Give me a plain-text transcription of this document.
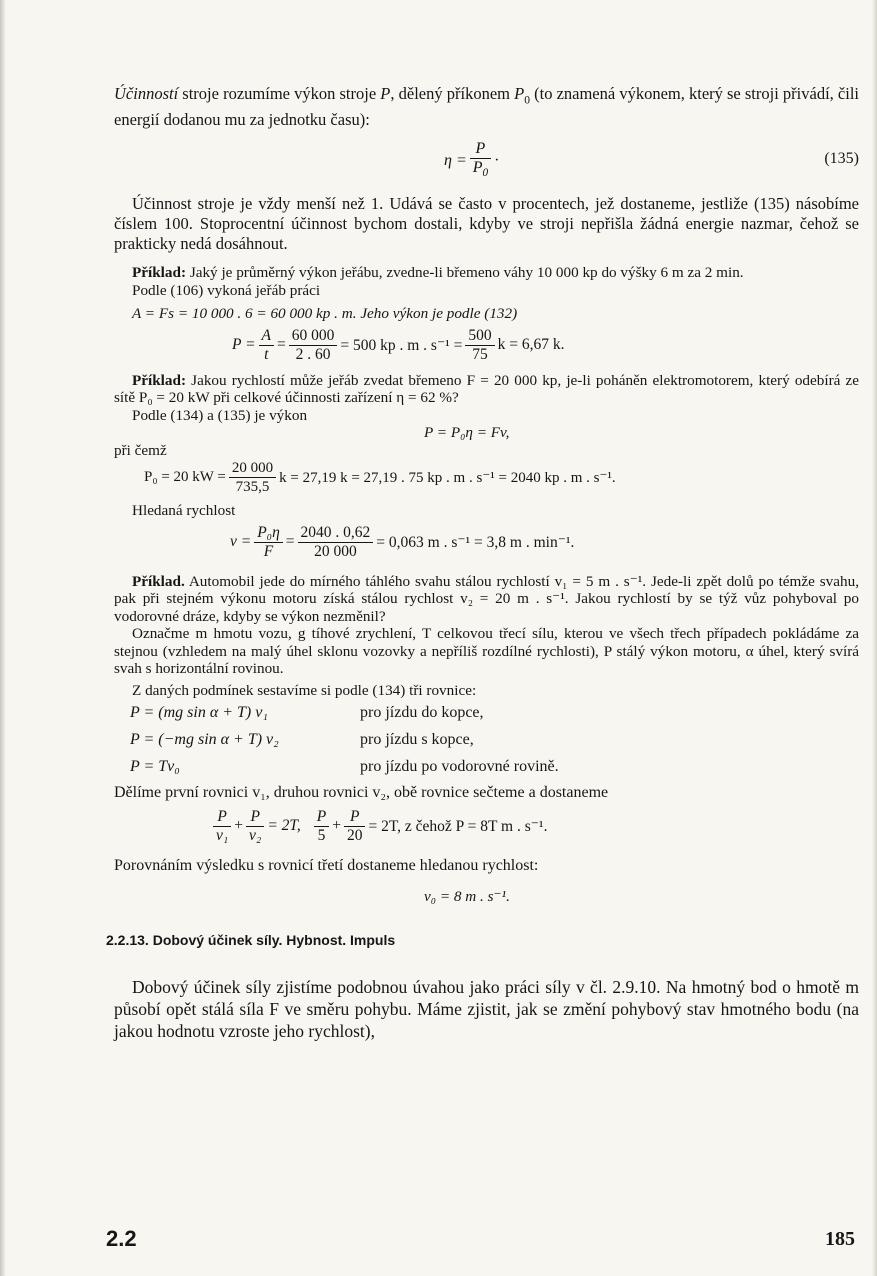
Účinností stroje rozumíme výkon stroje P, dělený příkonem $P_0$ (to znamená výkonem, který se stroji přivádí, čili energií dodanou mu za jednotku času):

$\eta = \frac{P}{P_0}$ ·	(135)

Účinnost stroje je vždy menší než 1. Udává se často v procentech, jež dostaneme, jestliže (135) násobíme číslem 100. Stoprocentní účinnost bychom dostali, kdyby ve stroji nepřišla žádná energie nazmar, čehož se prakticky nedá dosáhnout.

Příklad: Jaký je průměrný výkon jeřábu, zvedne-li břemeno váhy 10 000 kp do výšky 6 m za 2 min.

Podle (106) vykoná jeřáb práci

A = Fs = 10 000 . 6 = 60 000 kp . m. Jeho výkon je podle (132)

$P = \frac{A}{t} = \frac{60 000}{2 . 60} = 500$ kp . m . $s^{-1} = \frac{500}{75}$ k = 6,67 k.

Příklad: Jakou rychlostí může jeřáb zvedat břemeno F = 20 000 kp, je-li poháněn elektromotorem, který odebírá ze sítě P₀ = 20 kW při celkové účinnosti zařízení η = 62 %?

Podle (134) a (135) je výkon

P = P₀η = Fv,

při čemž

P₀ = 20 kW = $\frac{20 000}{735,5}$ k = 27,19 k = 27,19 . 75 kp . m . s⁻¹ = 2040 kp . m . s⁻¹.

Hledaná rychlost

$v = \frac{\text{P₀η}}{F} = \frac{2040 . 0,62}{20 000} = 0,063$ m . s⁻¹ = 3,8 m . min⁻¹.

Příklad. Automobil jede do mírného táhlého svahu stálou rychlostí v₁ = 5 m . s⁻¹. Jede-li zpět dolů po témže svahu, pak při stejném výkonu motoru získá stálou rychlost v₂ = 20 m . s⁻¹. Jakou rychlostí by se týž vůz pohyboval po vodorovné dráze, kdyby se výkon nezměnil?

Označme m hmotu vozu, g tíhové zrychlení, T celkovou třecí sílu, kterou ve všech třech případech pokládáme za stejnou (vzhledem na malý úhel sklonu vozovky a nepříliš rozdílné rychlosti), P stálý výkon motoru, α úhel, který svírá svah s horizontální rovinou.

Z daných podmínek sestavíme si podle (134) tři rovnice:

P = (mg sin α + T) v₁	pro jízdu do kopce,
P = (−mg sin α + T) v₂	pro jízdu s kopce,
P = Tv₀	pro jízdu po vodorovné rovině.

Dělíme první rovnici v₁, druhou rovnici v₂, obě rovnice sečteme a dostaneme

$\frac{P}{\text{v₁}} + \frac{P}{\text{v₂}} = 2T$, $\frac{P}{5} + \frac{P}{20} = 2T$, z čehož P = 8T m . s⁻¹.

Porovnáním výsledku s rovnicí třetí dostaneme hledanou rychlost:

v₀ = 8 m . s⁻¹.

2.2.13. Dobový účinek síly. Hybnost. Impuls

Dobový účinek síly zjistíme podobnou úvahou jako práci síly v čl. 2.9.10. Na hmotný bod o hmotě m působí opět stálá síla F ve směru pohybu. Máme zjistit, jak se změní pohybový stav hmotného bodu (na jakou hodnotu vzroste jeho rychlost),

2.2	185
